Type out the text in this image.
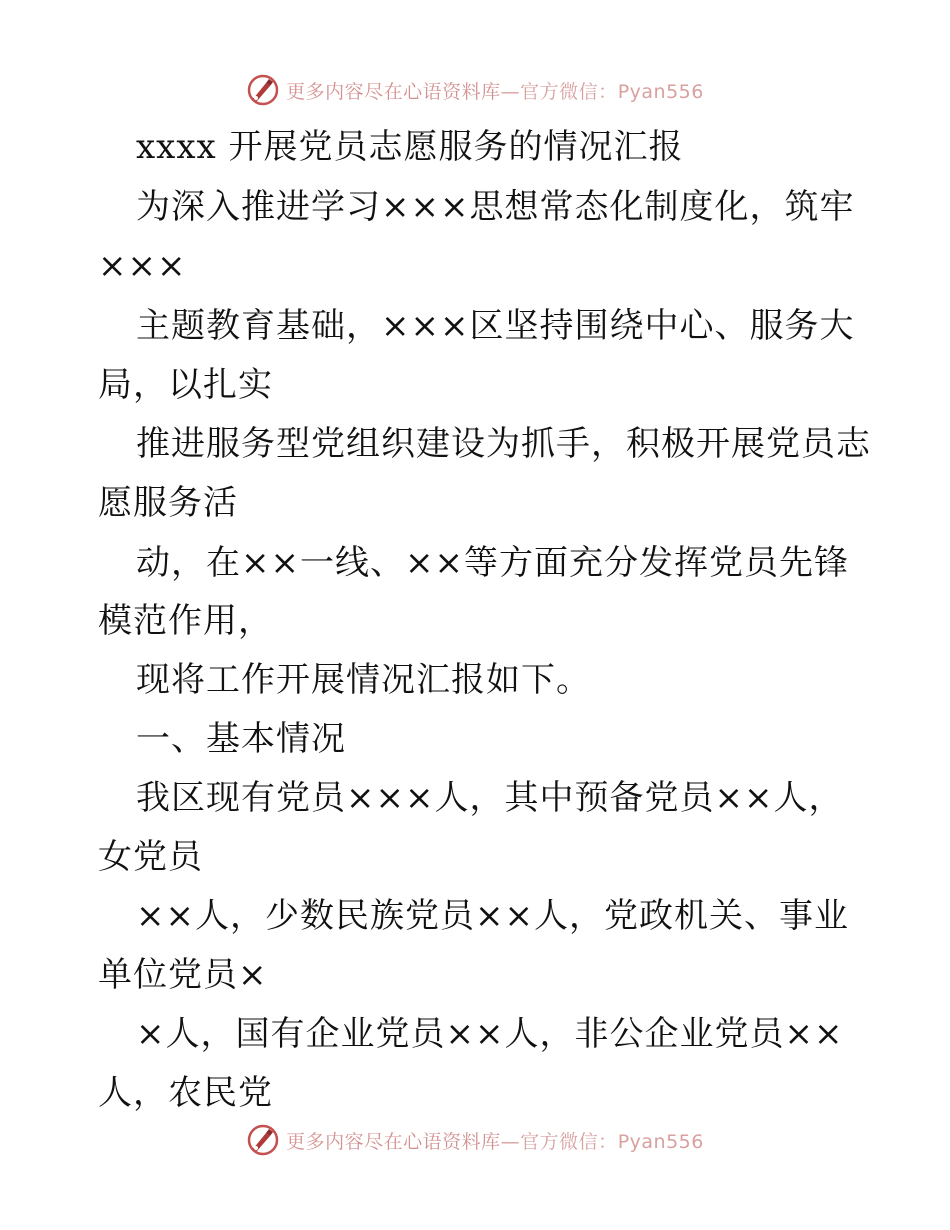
更多内容尽在心语资料库—官方微信：Pyan556
xxxx 开展党员志愿服务的情况汇报
为深入推进学习×××思想常态化制度化，筑牢
×××
主题教育基础，×××区坚持围绕中心、服务大
局，以扎实
推进服务型党组织建设为抓手，积极开展党员志
愿服务活
动，在××一线、××等方面充分发挥党员先锋
模范作用，
现将工作开展情况汇报如下。
一、基本情况
我区现有党员×××人，其中预备党员××人，
女党员
××人，少数民族党员××人，党政机关、事业
单位党员×
×人，国有企业党员××人，非公企业党员××
人，农民党
更多内容尽在心语资料库—官方微信：Pyan556
